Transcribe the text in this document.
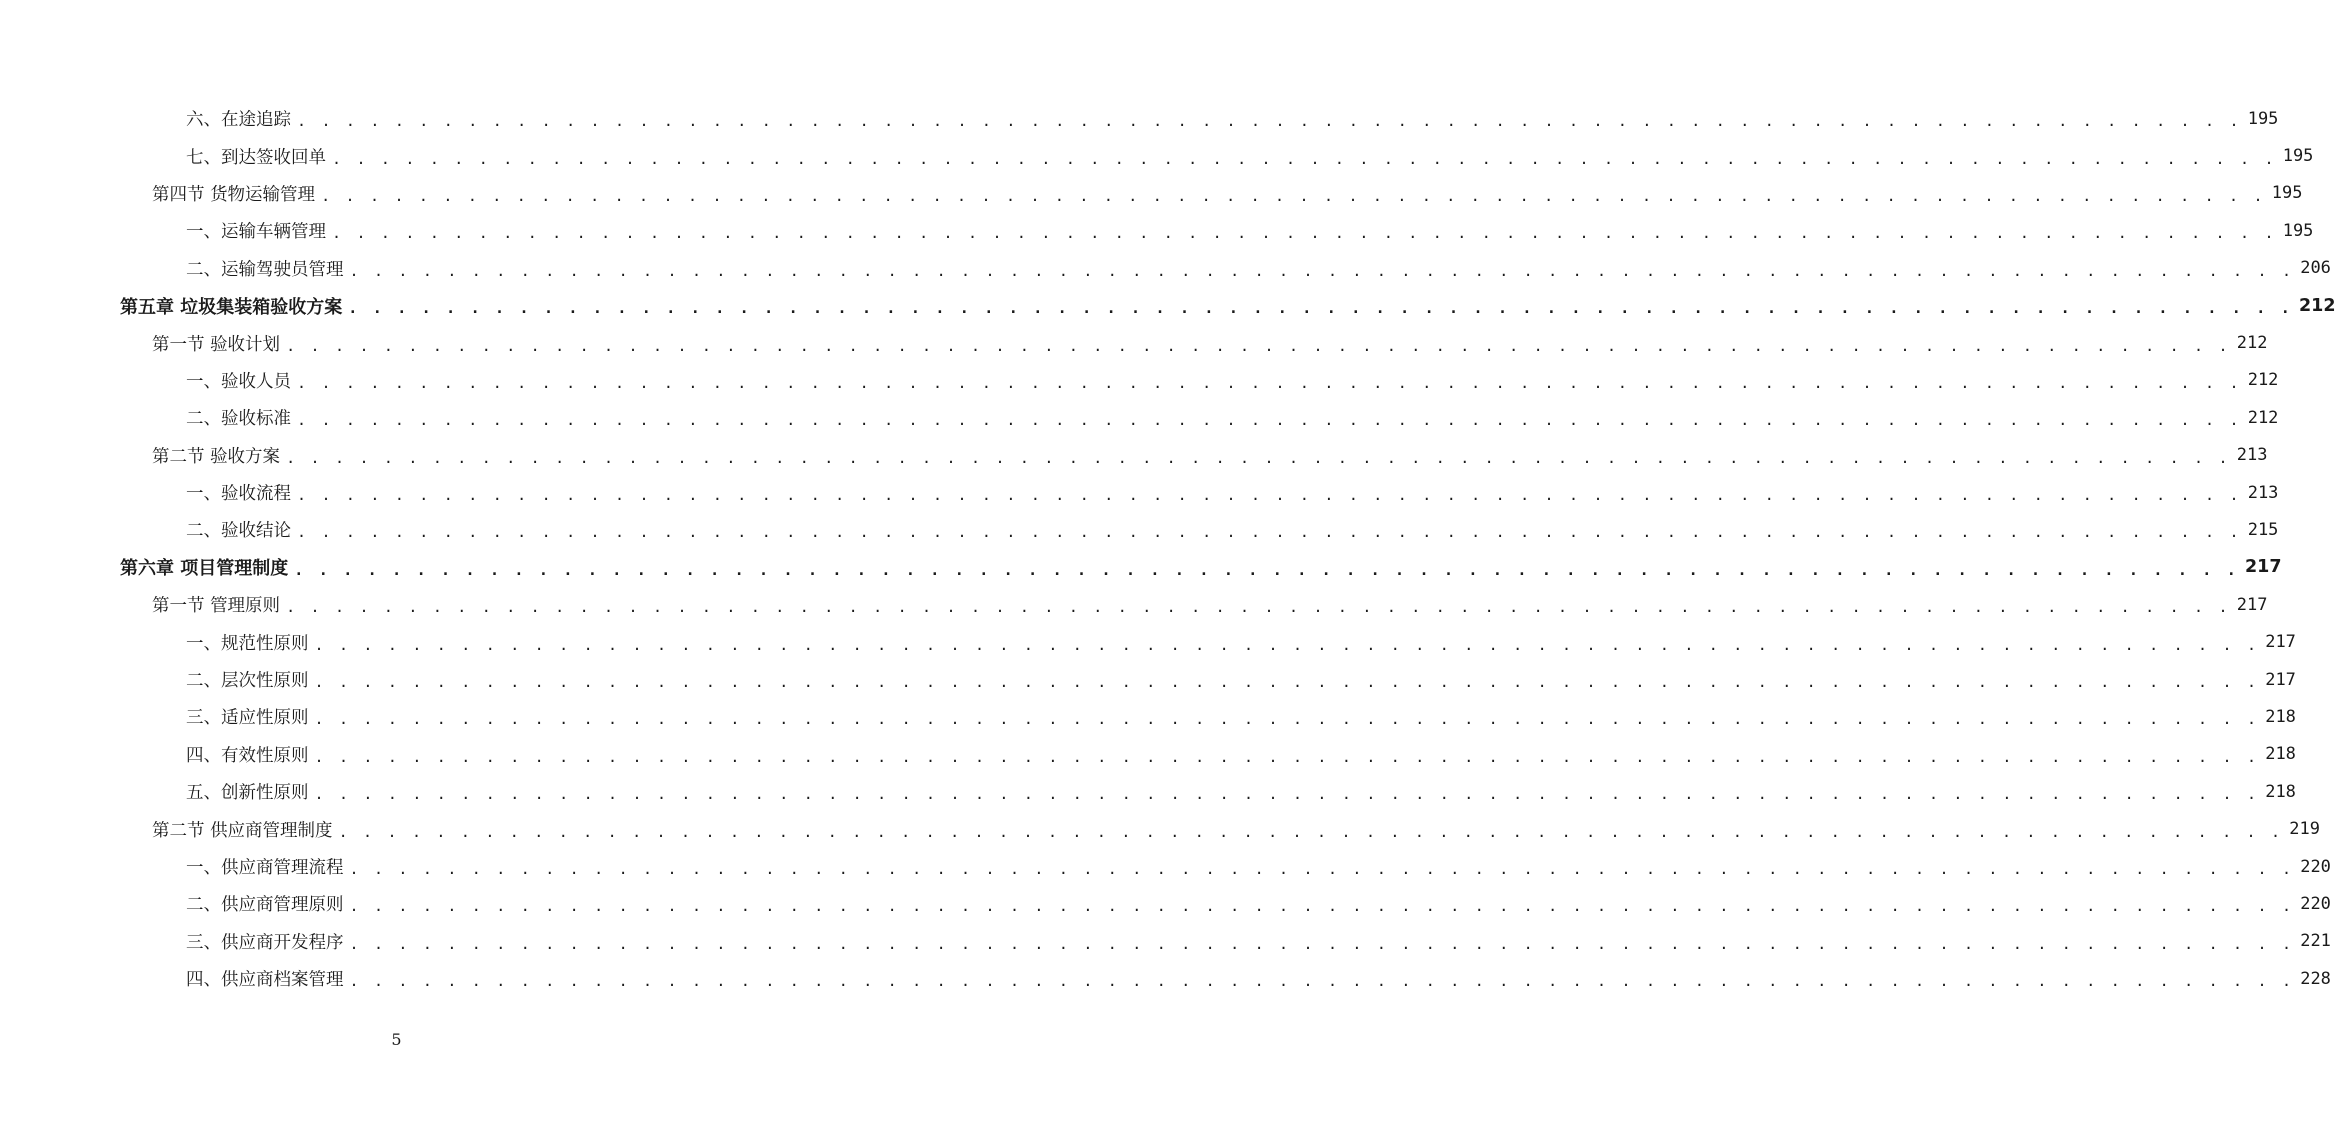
六、在途追踪 . . . . . . . . . . . . . . . . . . . . . . . . . . . . . . . . . . . . . . . . . . . . . . . . . . . . . . . . . . . . . . . . . . . . . . . . . . . . . . . . 195
七、到达签收回单 . . . . . . . . . . . . . . . . . . . . . . . . . . . . . . . . . . . . . . . . . . . . . . . . . . . . . . . . . . . . . . . . . . . . . . . . . . . . . . . . 195
第四节 货物运输管理 . . . . . . . . . . . . . . . . . . . . . . . . . . . . . . . . . . . . . . . . . . . . . . . . . . . . . . . . . . . . . . . . . . . . . . . . . . . . . . . . 195
一、运输车辆管理 . . . . . . . . . . . . . . . . . . . . . . . . . . . . . . . . . . . . . . . . . . . . . . . . . . . . . . . . . . . . . . . . . . . . . . . . . . . . . . . . 195
二、运输驾驶员管理 . . . . . . . . . . . . . . . . . . . . . . . . . . . . . . . . . . . . . . . . . . . . . . . . . . . . . . . . . . . . . . . . . . . . . . . . . . . . . . . . 206
第五章 垃圾集装箱验收方案 . . . . . . . . . . . . . . . . . . . . . . . . . . . . . . . . . . . . . . . . . . . . . . . . . . . . . . . . . . . . . . . . . . . . . . . . . . . . . . . . 212
第一节 验收计划 . . . . . . . . . . . . . . . . . . . . . . . . . . . . . . . . . . . . . . . . . . . . . . . . . . . . . . . . . . . . . . . . . . . . . . . . . . . . . . . . 212
一、验收人员 . . . . . . . . . . . . . . . . . . . . . . . . . . . . . . . . . . . . . . . . . . . . . . . . . . . . . . . . . . . . . . . . . . . . . . . . . . . . . . . . 212
二、验收标准 . . . . . . . . . . . . . . . . . . . . . . . . . . . . . . . . . . . . . . . . . . . . . . . . . . . . . . . . . . . . . . . . . . . . . . . . . . . . . . . . 212
第二节 验收方案 . . . . . . . . . . . . . . . . . . . . . . . . . . . . . . . . . . . . . . . . . . . . . . . . . . . . . . . . . . . . . . . . . . . . . . . . . . . . . . . . 213
一、验收流程 . . . . . . . . . . . . . . . . . . . . . . . . . . . . . . . . . . . . . . . . . . . . . . . . . . . . . . . . . . . . . . . . . . . . . . . . . . . . . . . . 213
二、验收结论 . . . . . . . . . . . . . . . . . . . . . . . . . . . . . . . . . . . . . . . . . . . . . . . . . . . . . . . . . . . . . . . . . . . . . . . . . . . . . . . . 215
第六章 项目管理制度 . . . . . . . . . . . . . . . . . . . . . . . . . . . . . . . . . . . . . . . . . . . . . . . . . . . . . . . . . . . . . . . . . . . . . . . . . . . . . . . . 217
第一节 管理原则 . . . . . . . . . . . . . . . . . . . . . . . . . . . . . . . . . . . . . . . . . . . . . . . . . . . . . . . . . . . . . . . . . . . . . . . . . . . . . . . . 217
一、规范性原则 . . . . . . . . . . . . . . . . . . . . . . . . . . . . . . . . . . . . . . . . . . . . . . . . . . . . . . . . . . . . . . . . . . . . . . . . . . . . . . . . 217
二、层次性原则 . . . . . . . . . . . . . . . . . . . . . . . . . . . . . . . . . . . . . . . . . . . . . . . . . . . . . . . . . . . . . . . . . . . . . . . . . . . . . . . . 217
三、适应性原则 . . . . . . . . . . . . . . . . . . . . . . . . . . . . . . . . . . . . . . . . . . . . . . . . . . . . . . . . . . . . . . . . . . . . . . . . . . . . . . . . 218
四、有效性原则 . . . . . . . . . . . . . . . . . . . . . . . . . . . . . . . . . . . . . . . . . . . . . . . . . . . . . . . . . . . . . . . . . . . . . . . . . . . . . . . . 218
五、创新性原则 . . . . . . . . . . . . . . . . . . . . . . . . . . . . . . . . . . . . . . . . . . . . . . . . . . . . . . . . . . . . . . . . . . . . . . . . . . . . . . . . 218
第二节 供应商管理制度 . . . . . . . . . . . . . . . . . . . . . . . . . . . . . . . . . . . . . . . . . . . . . . . . . . . . . . . . . . . . . . . . . . . . . . . . . . . . . . . . 219
一、供应商管理流程 . . . . . . . . . . . . . . . . . . . . . . . . . . . . . . . . . . . . . . . . . . . . . . . . . . . . . . . . . . . . . . . . . . . . . . . . . . . . . . . . 220
二、供应商管理原则 . . . . . . . . . . . . . . . . . . . . . . . . . . . . . . . . . . . . . . . . . . . . . . . . . . . . . . . . . . . . . . . . . . . . . . . . . . . . . . . . 220
三、供应商开发程序 . . . . . . . . . . . . . . . . . . . . . . . . . . . . . . . . . . . . . . . . . . . . . . . . . . . . . . . . . . . . . . . . . . . . . . . . . . . . . . . . 221
四、供应商档案管理 . . . . . . . . . . . . . . . . . . . . . . . . . . . . . . . . . . . . . . . . . . . . . . . . . . . . . . . . . . . . . . . . . . . . . . . . . . . . . . . . 228
5
